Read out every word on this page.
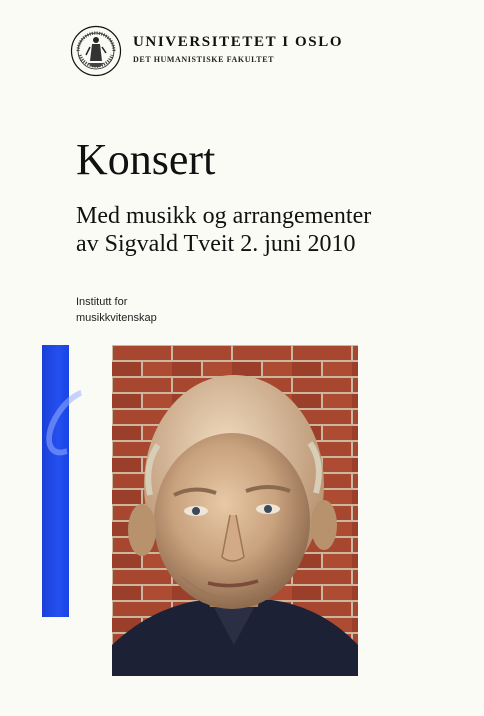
UNIVERSITETET I OSLO
DET HUMANISTISKE FAKULTET
Konsert
Med musikk og arrangementer
av Sigvald Tveit 2. juni 2010
Institutt for
musikkvitenskap
